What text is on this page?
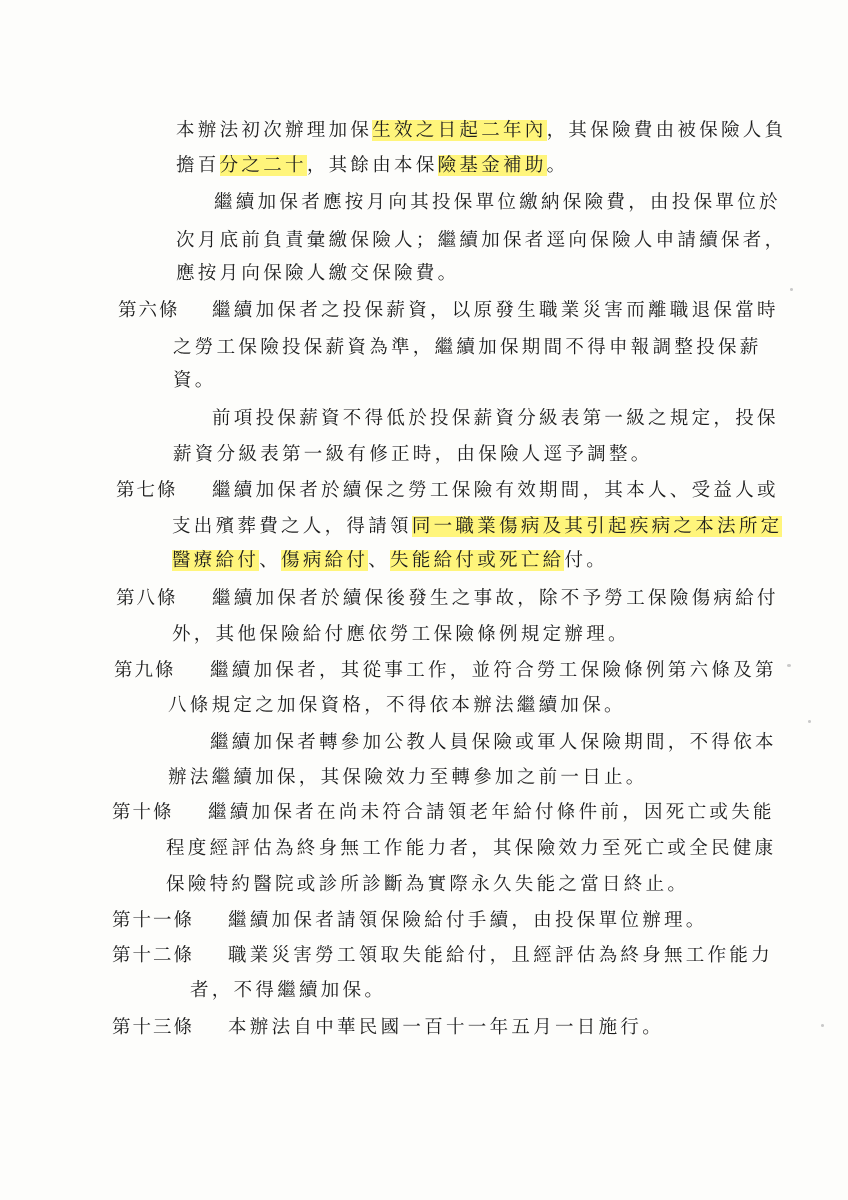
本辦法初次辦理加保生效之日起二年內，其保險費由被保險人負
擔百分之二十，其餘由本保險基金補助。
繼續加保者應按月向其投保單位繳納保險費，由投保單位於
次月底前負責彙繳保險人；繼續加保者逕向保險人申請續保者，
應按月向保險人繳交保險費。
第六條 繼續加保者之投保薪資，以原發生職業災害而離職退保當時
之勞工保險投保薪資為準，繼續加保期間不得申報調整投保薪
資。
前項投保薪資不得低於投保薪資分級表第一級之規定，投保
薪資分級表第一級有修正時，由保險人逕予調整。
第七條 繼續加保者於續保之勞工保險有效期間，其本人、受益人或
支出殯葬費之人，得請領同一職業傷病及其引起疾病之本法所定
醫療給付、傷病給付、失能給付或死亡給付。
第八條 繼續加保者於續保後發生之事故，除不予勞工保險傷病給付
外，其他保險給付應依勞工保險條例規定辦理。
第九條 繼續加保者，其從事工作，並符合勞工保險條例第六條及第
八條規定之加保資格，不得依本辦法繼續加保。
繼續加保者轉參加公教人員保險或軍人保險期間，不得依本
辦法繼續加保，其保險效力至轉參加之前一日止。
第十條 繼續加保者在尚未符合請領老年給付條件前，因死亡或失能
程度經評估為終身無工作能力者，其保險效力至死亡或全民健康
保險特約醫院或診所診斷為實際永久失能之當日終止。
第十一條 繼續加保者請領保險給付手續，由投保單位辦理。
第十二條 職業災害勞工領取失能給付，且經評估為終身無工作能力
者，不得繼續加保。
第十三條 本辦法自中華民國一百十一年五月一日施行。
